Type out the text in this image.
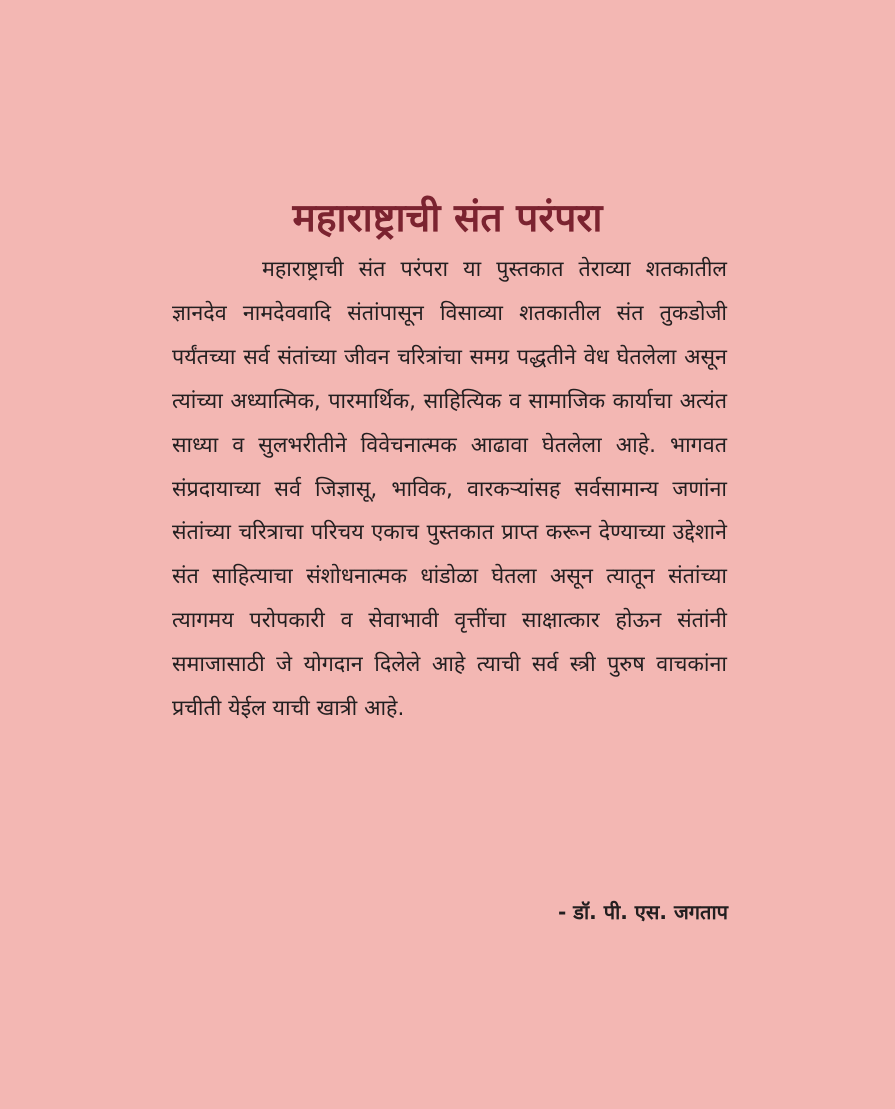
महाराष्ट्राची संत परंपरा

महाराष्ट्राची संत परंपरा या पुस्तकात तेराव्या शतकातील ज्ञानदेव नामदेववादि संतांपासून विसाव्या शतकातील संत तुकडोजी पर्यंतच्या सर्व संतांच्या जीवन चरित्रांचा समग्र पद्धतीने वेध घेतलेला असून त्यांच्या अध्यात्मिक, पारमार्थिक, साहित्यिक व सामाजिक कार्याचा अत्यंत साध्या व सुलभरीतीने विवेचनात्मक आढावा घेतलेला आहे. भागवत संप्रदायाच्या सर्व जिज्ञासू, भाविक, वारकऱ्यांसह सर्वसामान्य जणांना संतांच्या चरित्राचा परिचय एकाच पुस्तकात प्राप्त करून देण्याच्या उद्देशाने संत साहित्याचा संशोधनात्मक धांडोळा घेतला असून त्यातून संतांच्या त्यागमय परोपकारी व सेवाभावी वृत्तींचा साक्षात्कार होऊन संतांनी समाजासाठी जे योगदान दिलेले आहे त्याची सर्व स्त्री पुरुष वाचकांना प्रचीती येईल याची खात्री आहे.

- डॉ. पी. एस. जगताप
